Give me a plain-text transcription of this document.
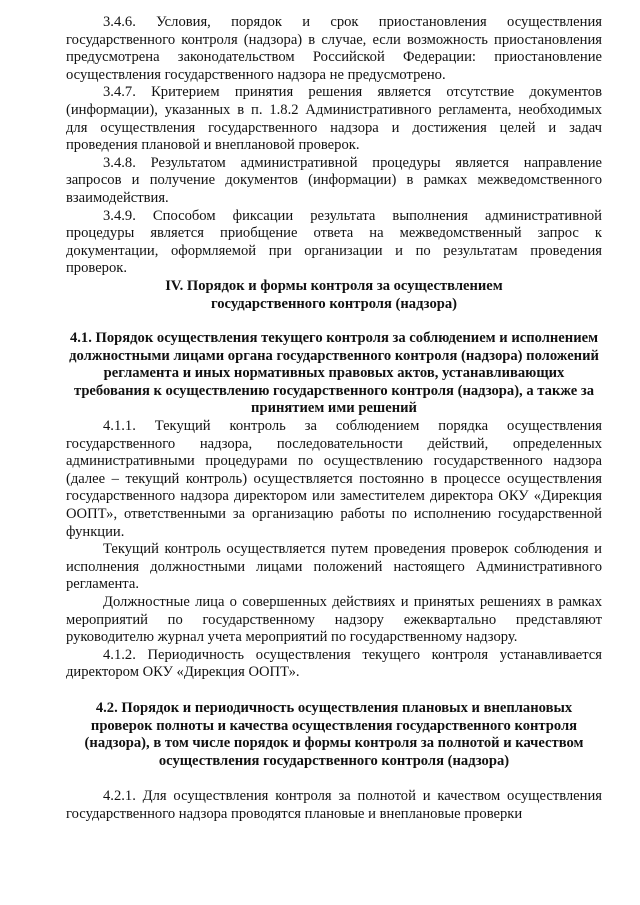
3.4.6. Условия, порядок и срок приостановления осуществления государственного контроля (надзора) в случае, если возможность приостановления предусмотрена законодательством Российской Федерации: приостановление осуществления государственного надзора не предусмотрено.

3.4.7. Критерием принятия решения является отсутствие документов (информации), указанных в п. 1.8.2 Административного регламента, необходимых для осуществления государственного надзора и достижения целей и задач проведения плановой и внеплановой проверок.

3.4.8. Результатом административной процедуры является направление запросов и получение документов (информации) в рамках межведомственного взаимодействия.

3.4.9. Способом фиксации результата выполнения административной процедуры является приобщение ответа на межведомственный запрос к документации, оформляемой при организации и по результатам проведения проверок.

IV. Порядок и формы контроля за осуществлением
государственного контроля (надзора)

4.1. Порядок осуществления текущего контроля за соблюдением и исполнением должностными лицами органа государственного контроля (надзора) положений регламента и иных нормативных правовых актов, устанавливающих требования к осуществлению государственного контроля (надзора), а также за принятием ими решений

4.1.1. Текущий контроль за соблюдением порядка осуществления государственного надзора, последовательности действий, определенных административными процедурами по осуществлению государственного надзора (далее – текущий контроль) осуществляется постоянно в процессе осуществления государственного надзора директором или заместителем директора ОКУ «Дирекция ООПТ», ответственными за организацию работы по исполнению государственной функции.

Текущий контроль осуществляется путем проведения проверок соблюдения и исполнения должностными лицами положений настоящего Административного регламента.

Должностные лица о совершенных действиях и принятых решениях в рамках мероприятий по государственному надзору ежеквартально представляют руководителю журнал учета мероприятий по государственному надзору.

4.1.2. Периодичность осуществления текущего контроля устанавливается директором ОКУ «Дирекция ООПТ».

4.2. Порядок и периодичность осуществления плановых и внеплановых проверок полноты и качества осуществления государственного контроля (надзора), в том числе порядок и формы контроля за полнотой и качеством осуществления государственного контроля (надзора)

4.2.1. Для осуществления контроля за полнотой и качеством осуществления государственного надзора проводятся плановые и внеплановые проверки
